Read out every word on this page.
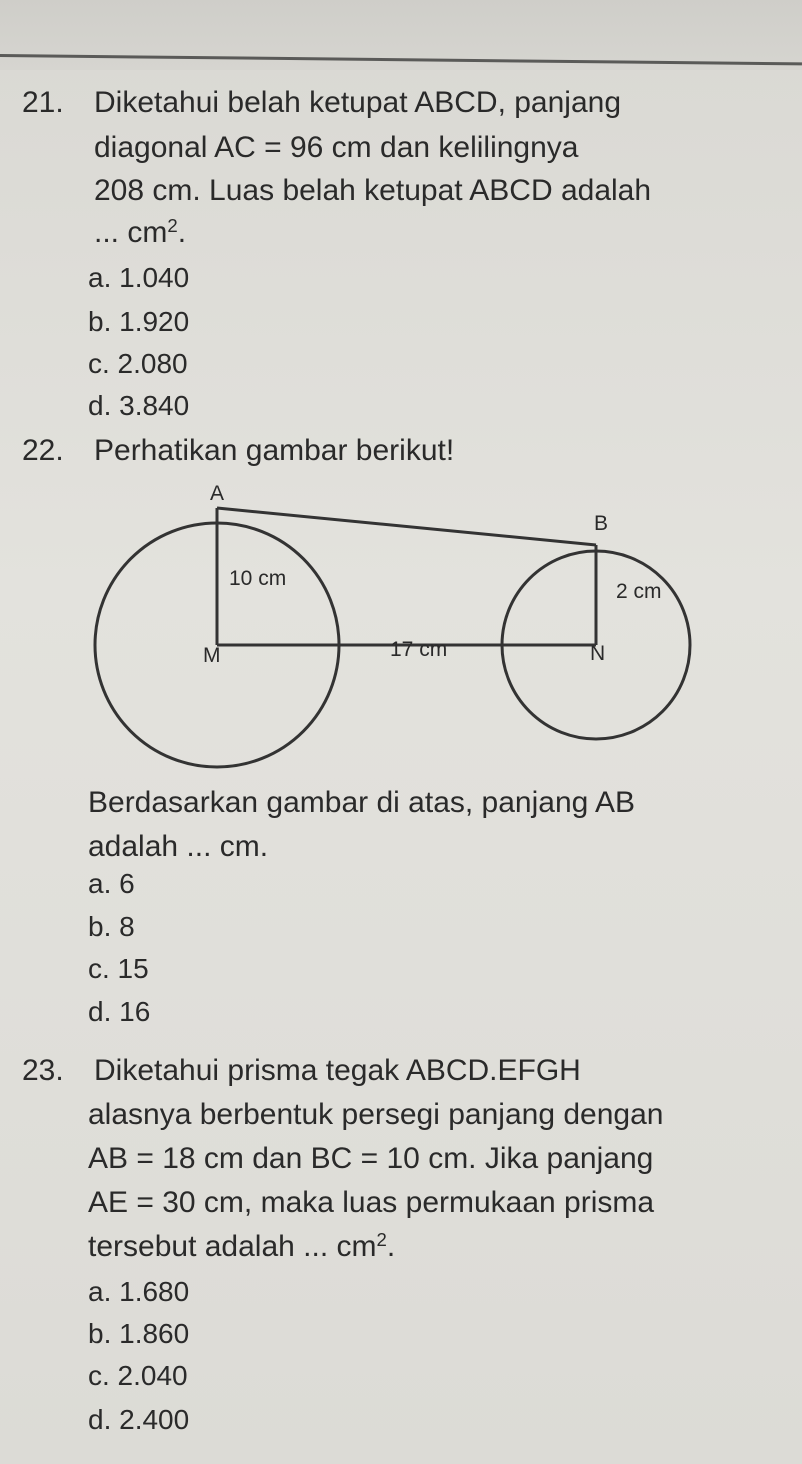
21. Diketahui belah ketupat ABCD, panjang
diagonal AC = 96 cm dan kelilingnya
208 cm. Luas belah ketupat ABCD adalah
... $cm^2$.
a. 1.040
b. 1.920
c. 2.080
d. 3.840
22. Perhatikan gambar berikut!
A
B
M	N
10 cm
2 cm
17 cm
Berdasarkan gambar di atas, panjang AB
adalah ... cm.
a. 6
b. 8
c. 15
d. 16
23. Diketahui prisma tegak ABCD.EFGH
alasnya berbentuk persegi panjang dengan
AB = 18 cm dan BC = 10 cm. Jika panjang
AE = 30 cm, maka luas permukaan prisma
tersebut adalah ... $cm^2$.
a. 1.680
b. 1.860
c. 2.040
d. 2.400
